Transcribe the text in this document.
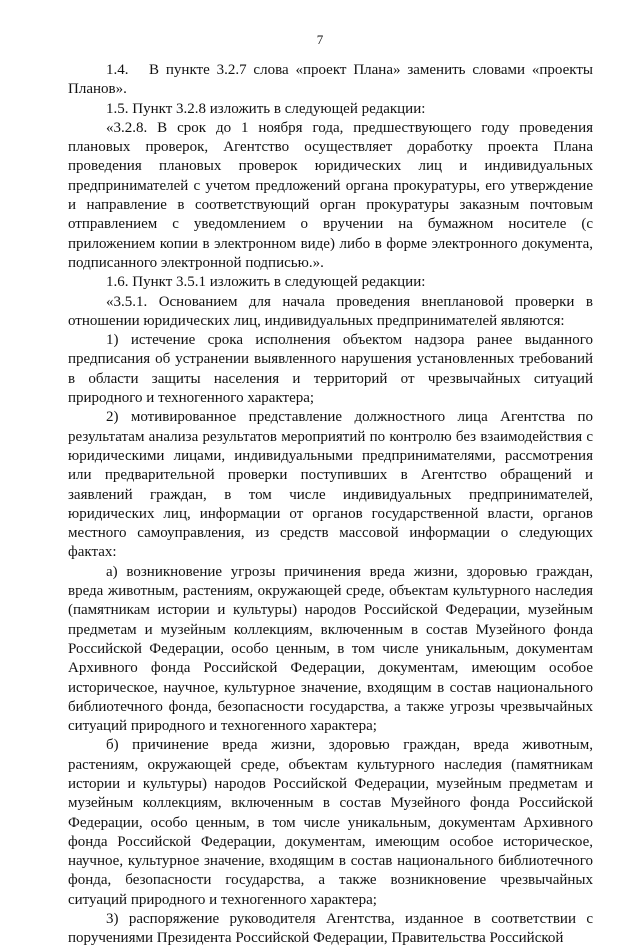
7

1.4.   В пункте 3.2.7 слова «проект Плана» заменить словами «проекты Планов».

1.5. Пункт 3.2.8 изложить в следующей редакции:

«3.2.8. В срок до 1 ноября года, предшествующего году проведения плановых проверок, Агентство осуществляет доработку проекта Плана проведения плановых проверок юридических лиц и индивидуальных предпринимателей с учетом предложений органа прокуратуры, его утверждение и направление в соответствующий орган прокуратуры заказным почтовым отправлением с уведомлением о вручении на бумажном носителе (с приложением копии в электронном виде) либо в форме электронного документа, подписанного электронной подписью.».

1.6. Пункт 3.5.1 изложить в следующей редакции:

«3.5.1. Основанием для начала проведения внеплановой проверки в отношении юридических лиц, индивидуальных предпринимателей являются:

1) истечение срока исполнения объектом надзора ранее выданного предписания об устранении выявленного нарушения установленных требований в области защиты населения и территорий от чрезвычайных ситуаций природного и техногенного характера;

2) мотивированное представление должностного лица Агентства по результатам анализа результатов мероприятий по контролю без взаимодействия с юридическими лицами, индивидуальными предпринимателями, рассмотрения или предварительной проверки поступивших в Агентство обращений и заявлений граждан, в том числе индивидуальных предпринимателей, юридических лиц, информации от органов государственной власти, органов местного самоуправления, из средств массовой информации о следующих фактах:

а) возникновение угрозы причинения вреда жизни, здоровью граждан, вреда животным, растениям, окружающей среде, объектам культурного наследия (памятникам истории и культуры) народов Российской Федерации, музейным предметам и музейным коллекциям, включенным в состав Музейного фонда Российской Федерации, особо ценным, в том числе уникальным, документам Архивного фонда Российской Федерации, документам, имеющим особое историческое, научное, культурное значение, входящим в состав национального библиотечного фонда, безопасности государства, а также угрозы чрезвычайных ситуаций природного и техногенного характера;

б) причинение вреда жизни, здоровью граждан, вреда животным, растениям, окружающей среде, объектам культурного наследия (памятникам истории и культуры) народов Российской Федерации, музейным предметам и музейным коллекциям, включенным в состав Музейного фонда Российской Федерации, особо ценным, в том числе уникальным, документам Архивного фонда Российской Федерации, документам, имеющим особое историческое, научное, культурное значение, входящим в состав национального библиотечного фонда, безопасности государства, а также возникновение чрезвычайных ситуаций природного и техногенного характера;

3) распоряжение руководителя Агентства, изданное в соответствии с поручениями Президента Российской Федерации, Правительства Российской
